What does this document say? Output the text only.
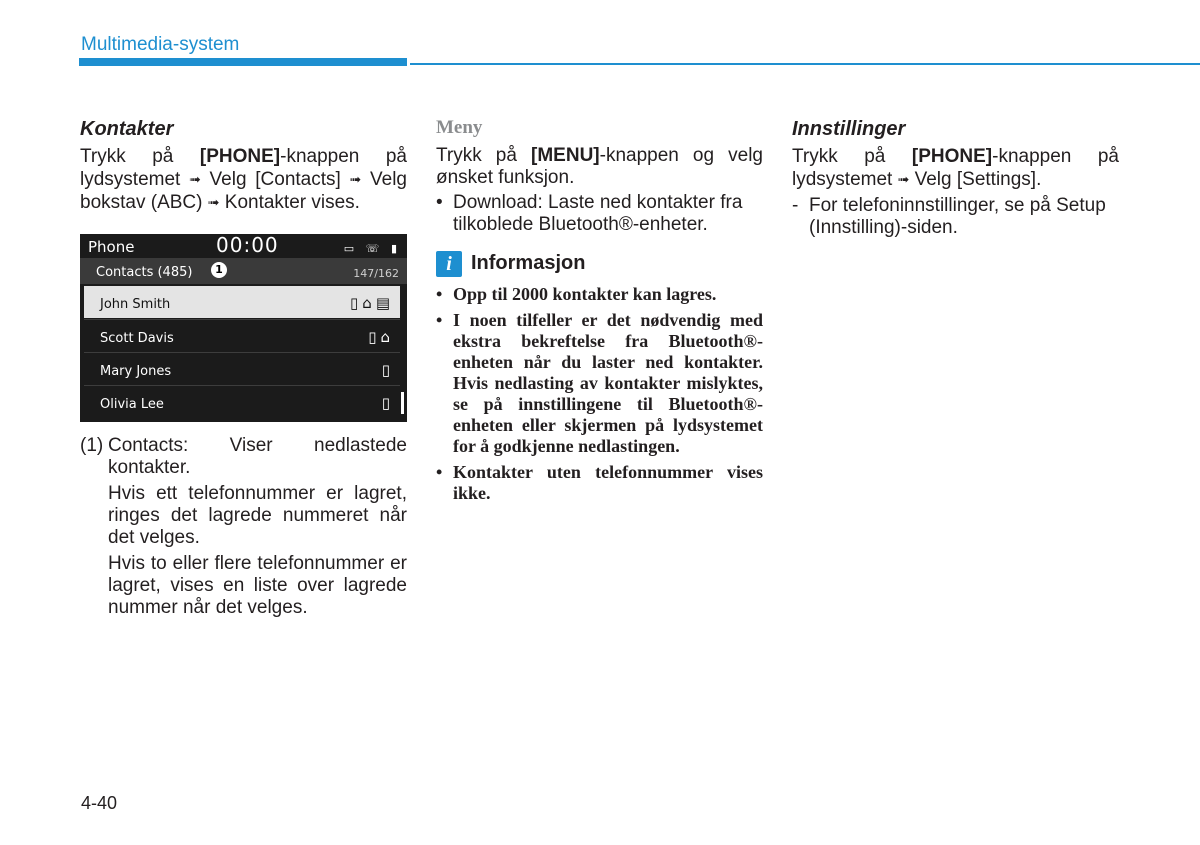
Multimedia-system
Kontakter

Trykk på [PHONE]-knappen på lydsystemet ➟ Velg [Contacts] ➟ Velg bokstav (ABC) ➟ Kontakter vises.

Phone	00:00	▭ ☏ ▮
Contacts (485)	1	147/162
John Smith	▯⌂▤
Scott Davis	▯⌂
Mary Jones	▯
Olivia Lee	▯
(1) Contacts: Viser nedlastede kontakter.

Hvis ett telefonnummer er lagret, ringes det lagrede nummeret når det velges.

Hvis to eller flere telefonnummer er lagret, vises en liste over lagrede nummer når det velges.

Meny

Trykk på [MENU]-knappen og velg ønsket funksjon.

• Download: Laste ned kontakter fra tilkoblede Bluetooth®-enheter.
i Informasjon
• Opp til 2000 kontakter kan lagres.
• I noen tilfeller er det nødvendig med ekstra bekreftelse fra Bluetooth®-enheten når du laster ned kontakter. Hvis nedlasting av kontakter mislyktes, se på innstillingene til Bluetooth®-enheten eller skjermen på lydsystemet for å godkjenne nedlastingen.
• Kontakter uten telefonnummer vises ikke.
Innstillinger

Trykk på [PHONE]-knappen på lydsystemet ➟ Velg [Settings].

- For telefoninnstillinger, se på Setup (Innstilling)-siden.
4-40
